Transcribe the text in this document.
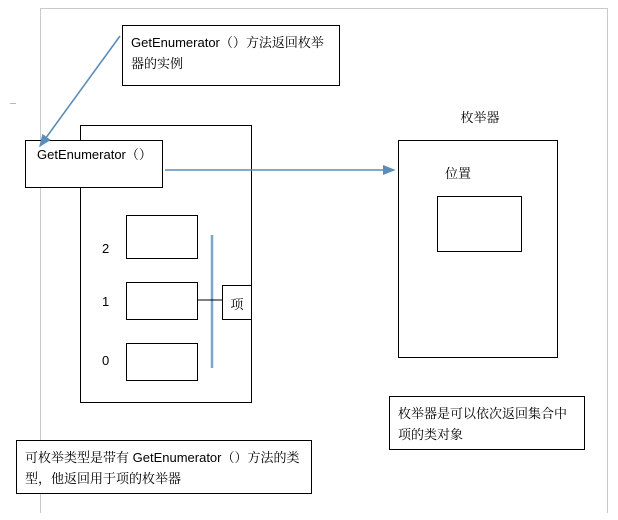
GetEnumerator（）方法返回枚举器的实例
GetEnumerator（）
2
1
0
项
枚举器
位置
枚举器是可以依次返回集合中项的类对象
可枚举类型是带有 GetEnumerator（）方法的类型，他返回用于项的枚举器
